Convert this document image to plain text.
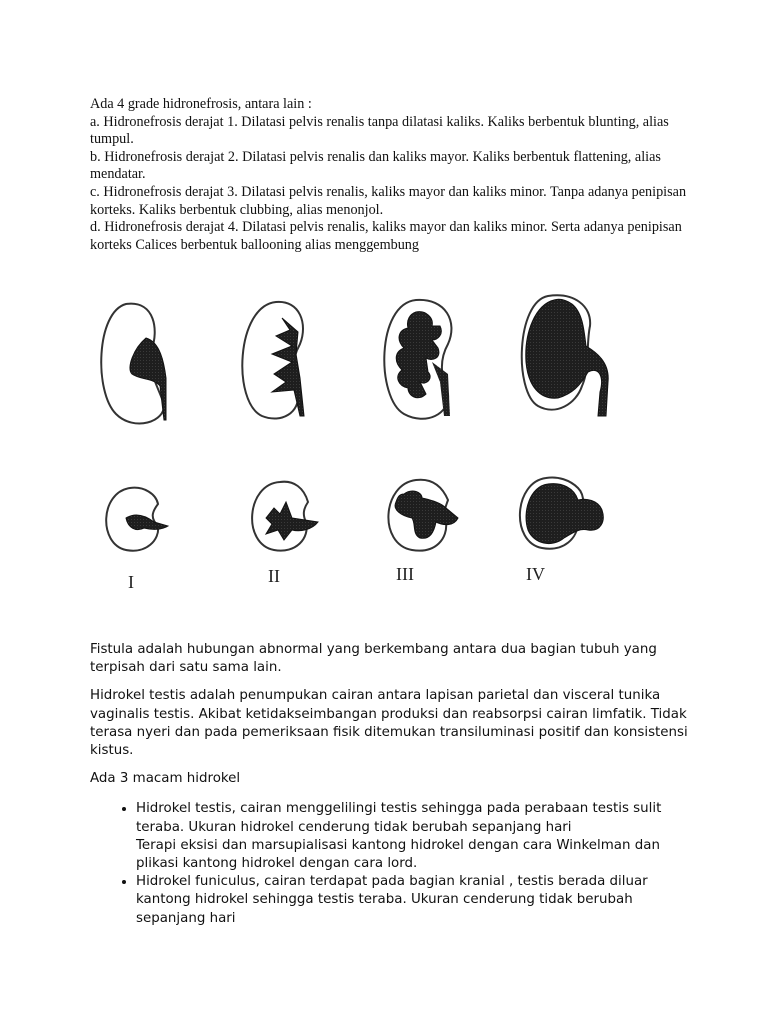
Ada 4 grade hidronefrosis, antara lain :

a. Hidronefrosis derajat 1. Dilatasi pelvis renalis tanpa dilatasi kaliks. Kaliks berbentuk blunting, alias tumpul.

b. Hidronefrosis derajat 2. Dilatasi pelvis renalis dan kaliks mayor. Kaliks berbentuk flattening, alias mendatar.

c. Hidronefrosis derajat 3. Dilatasi pelvis renalis, kaliks mayor dan kaliks minor. Tanpa adanya penipisan korteks. Kaliks berbentuk clubbing, alias menonjol.

d. Hidronefrosis derajat 4. Dilatasi pelvis renalis, kaliks mayor dan kaliks minor. Serta adanya penipisan korteks Calices berbentuk ballooning alias menggembung

I	II	III	IV

Fistula adalah hubungan abnormal yang berkembang antara dua bagian tubuh yang terpisah dari satu sama lain.

Hidrokel testis adalah penumpukan cairan antara lapisan parietal dan visceral tunika vaginalis testis. Akibat ketidakseimbangan produksi dan reabsorpsi cairan limfatik. Tidak terasa nyeri dan pada pemeriksaan fisik ditemukan transiluminasi positif dan konsistensi kistus.

Ada 3 macam hidrokel

• Hidrokel testis, cairan menggelilingi testis sehingga pada perabaan testis sulit teraba. Ukuran hidrokel cenderung tidak berubah sepanjang hari
Terapi eksisi dan marsupialisasi kantong hidrokel dengan cara Winkelman dan plikasi kantong hidrokel dengan cara lord.
• Hidrokel funiculus, cairan terdapat pada bagian kranial , testis berada diluar kantong hidrokel sehingga testis teraba. Ukuran cenderung tidak berubah sepanjang hari
